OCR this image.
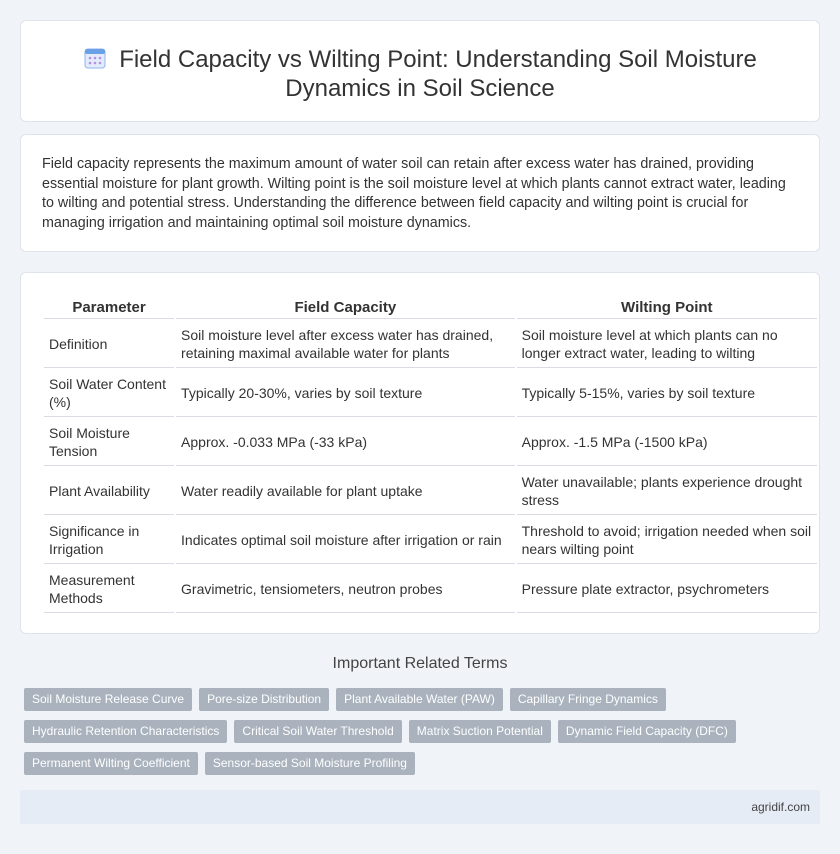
Field Capacity vs Wilting Point: Understanding Soil Moisture Dynamics in Soil Science

Field capacity represents the maximum amount of water soil can retain after excess water has drained, providing essential moisture for plant growth. Wilting point is the soil moisture level at which plants cannot extract water, leading to wilting and potential stress. Understanding the difference between field capacity and wilting point is crucial for managing irrigation and maintaining optimal soil moisture dynamics.

Parameter	Field Capacity	Wilting Point
Definition	Soil moisture level after excess water has drained, retaining maximal available water for plants	Soil moisture level at which plants can no longer extract water, leading to wilting
Soil Water Content (%)	Typically 20-30%, varies by soil texture	Typically 5-15%, varies by soil texture
Soil Moisture Tension	Approx. -0.033 MPa (-33 kPa)	Approx. -1.5 MPa (-1500 kPa)
Plant Availability	Water readily available for plant uptake	Water unavailable; plants experience drought stress
Significance in Irrigation	Indicates optimal soil moisture after irrigation or rain	Threshold to avoid; irrigation needed when soil nears wilting point
Measurement Methods	Gravimetric, tensiometers, neutron probes	Pressure plate extractor, psychrometers
Important Related Terms
Soil Moisture Release Curve Pore-size Distribution Plant Available Water (PAW) Capillary Fringe Dynamics
Hydraulic Retention Characteristics Critical Soil Water Threshold Matrix Suction Potential Dynamic Field Capacity (DFC)
Permanent Wilting Coefficient Sensor-based Soil Moisture Profiling
agridif.com
